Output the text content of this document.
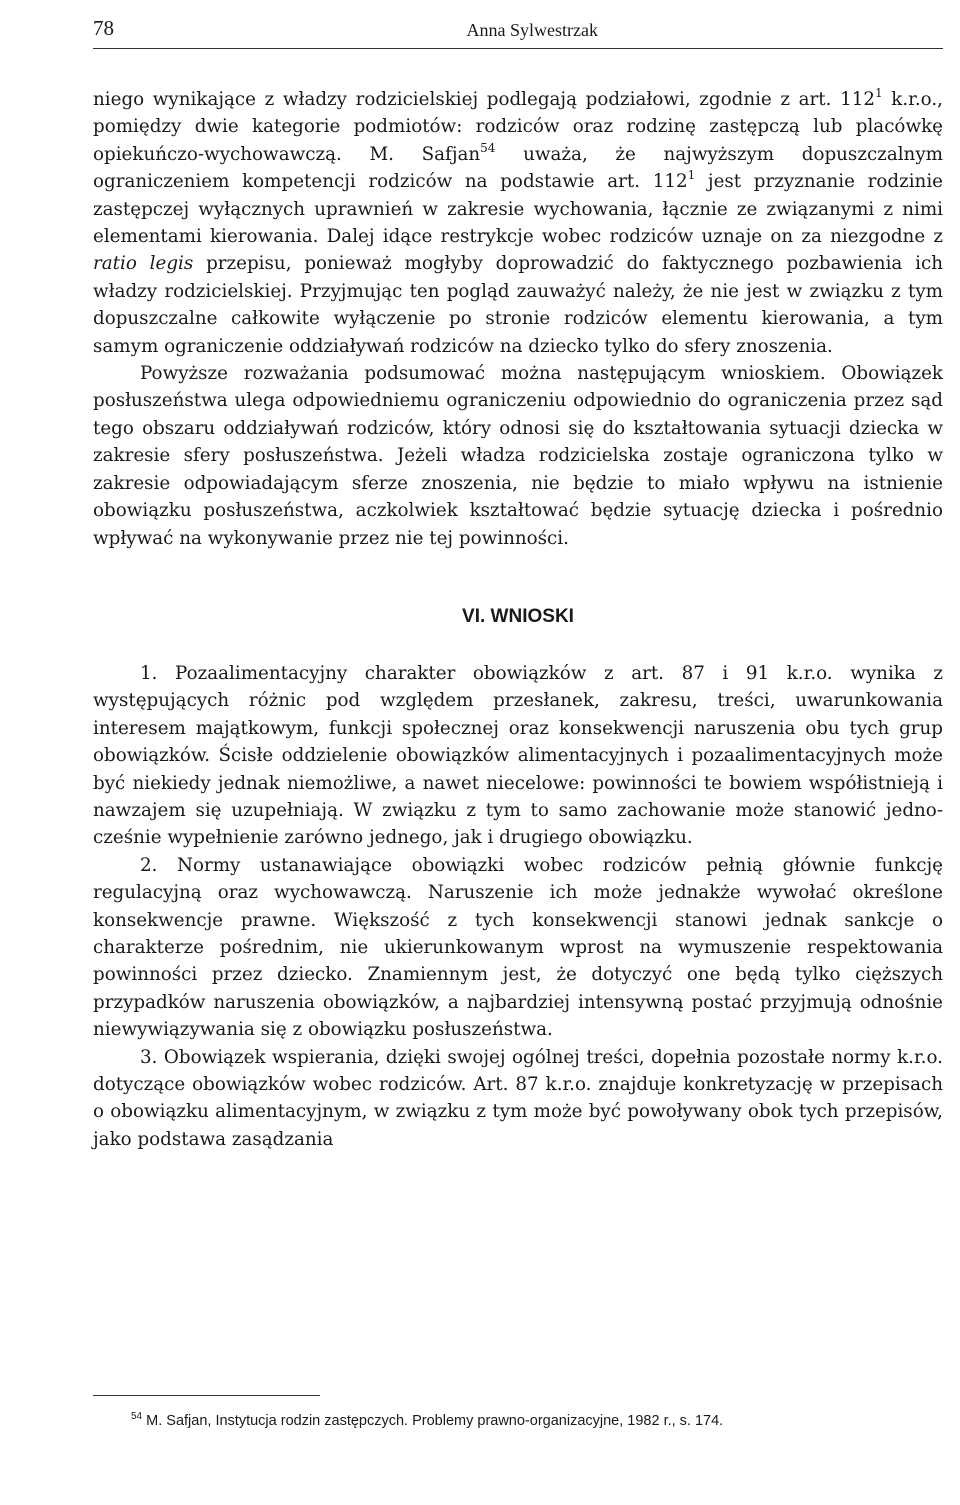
78	Anna Sylwestrzak

niego wynikające z władzy rodzicielskiej podlegają podziałowi, zgodnie z art. $112^1$ k.r.o., pomiędzy dwie kategorie podmiotów: rodziców oraz rodzinę zastępczą lub placówkę opiekuńczo-wychowawczą. M. Safjan$^{54}$ uważa, że najwyższym dopuszczalnym ograniczeniem kompetencji rodziców na podstawie art. $112^1$ jest przyznanie rodzinie zastępczej wyłącznych uprawnień w zakresie wychowania, łącznie ze związanymi z nimi elementami kierowania. Dalej idące restrykcje wobec rodziców uznaje on za niezgodne z ratio legis przepisu, ponieważ mogłyby doprowadzić do faktycznego pozbawienia ich władzy rodzicielskiej. Przyjmując ten pogląd zauważyć należy, że nie jest w związku z tym dopuszczalne całkowite wyłączenie po stronie rodziców elementu kierowania, a tym samym ograniczenie oddziaływań rodziców na dziecko tylko do sfery znoszenia.

Powyższe rozważania podsumować można następującym wnioskiem. Obowiązek posłuszeństwa ulega odpowiedniemu ograniczeniu odpowiednio do ograniczenia przez sąd tego obszaru oddziaływań rodziców, który odnosi się do kształtowania sytuacji dziecka w zakresie sfery posłuszeństwa. Jeżeli władza rodzicielska zostaje ograniczona tylko w zakresie odpowiadającym sferze znoszenia, nie będzie to miało wpływu na istnienie obowiązku posłuszeństwa, aczkolwiek kształtować będzie sytuację dziecka i pośrednio wpływać na wykonywanie przez nie tej powinności.

VI. WNIOSKI

1. Pozaalimentacyjny charakter obowiązków z art. 87 i 91 k.r.o. wynika z występujących różnic pod względem przesłanek, zakresu, treści, uwarunkowania interesem majątkowym, funkcji społecznej oraz konsekwencji naruszenia obu tych grup obowiązków. Ścisłe oddzielenie obowiązków alimentacyjnych i pozaalimentacyjnych może być niekiedy jednak niemożliwe, a nawet niecelowe: powinności te bowiem współistnieją i nawzajem się uzupełniają. W związku z tym to samo zachowanie może stanowić jednocześnie wypełnienie zarówno jednego, jak i drugiego obowiązku.

2. Normy ustanawiające obowiązki wobec rodziców pełnią głównie funkcję regulacyjną oraz wychowawczą. Naruszenie ich może jednakże wywołać określone konsekwencje prawne. Większość z tych konsekwencji stanowi jednak sankcje o charakterze pośrednim, nie ukierunkowanym wprost na wymuszenie respektowania powinności przez dziecko. Znamiennym jest, że dotyczyć one będą tylko cięższych przypadków naruszenia obowiązków, a najbardziej intensywną postać przyjmują odnośnie niewywiązywania się z obowiązku posłuszeństwa.

3. Obowiązek wspierania, dzięki swojej ogólnej treści, dopełnia pozostałe normy k.r.o. dotyczące obowiązków wobec rodziców. Art. 87 k.r.o. znajduje konkretyzację w przepisach o obowiązku alimentacyjnym, w związku z tym może być powoływany obok tych przepisów, jako podstawa zasądzania

$^{54}$ M. Safjan, Instytucja rodzin zastępczych. Problemy prawno-organizacyjne, 1982 r., s. 174.
